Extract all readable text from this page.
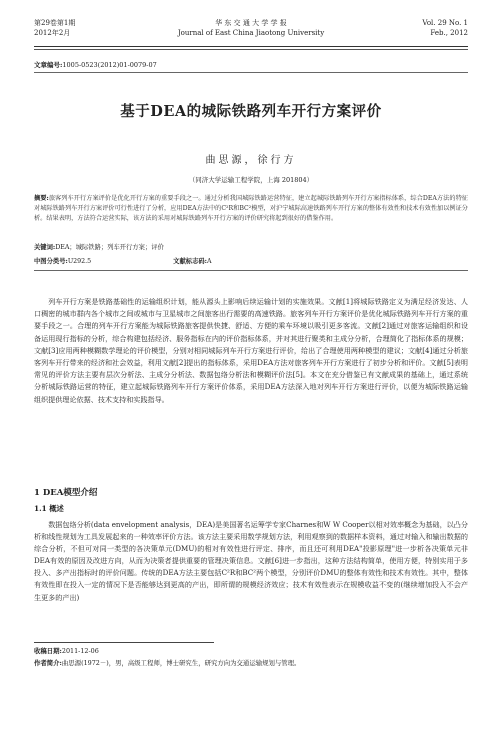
第29卷第1期
2012年2月
华 东 交 通 大 学 学 报
Journal of East China Jiaotong University
Vol. 29 No. 1
Feb., 2012
文章编号:1005-0523(2012)01-0079-07
基于DEA的城际铁路列车开行方案评价
曲思源，徐行方
（同济大学运输工程学院，上海 201804）
摘要:旅客列车开行方案评价是优化开行方案的重要手段之一。通过分析我国城际铁路运营特征，建立起城际铁路列车开行方案指标体系，综合DEA方法的特征对城际铁路列车开行方案评价可行性进行了分析，应用DEA方法中的C²R和BC²模型，对沪宁城际高速铁路列车开行方案的整体有效性和技术有效性加以例证分析。结果表明，方法符合运营实际，该方法的采用对城际铁路列车开行方案的评价研究将起到很好的借鉴作用。
关键词:DEA；城际铁路；列车开行方案；评价
中图分类号:U292.5	文献标志码:A
列车开行方案是铁路基础性的运输组织计划，能从源头上影响后续运输计划的实施效果。文献[1]将城际铁路定义为满足经济发达、人口稠密的城市群内各个城市之间或城市与卫星城市之间旅客出行需要的高速铁路。旅客列车开行方案评价是优化城际铁路列车开行方案的重要手段之一。合理的列车开行方案能为城际铁路旅客提供快捷、舒适、方便的乘车环境以吸引更多客流。文献[2]通过对旅客运输组织和设备运用现行指标的分析，综合构建包括经济、服务指标在内的评价指标体系，并对其进行聚类和主成分分析，合理简化了指标体系的规模；文献[3]应用两种模糊数学理论的评价模型，分别对相同城际列车开行方案进行评价，给出了合理使用两种模型的建议；文献[4]通过分析旅客列车开行带来的经济和社会效益，利用文献[2]提出的指标体系，采用DEA方法对旅客列车开行方案进行了初步分析和评价。文献[5]表明常见的评价方法主要有层次分析法、主成分分析法、数据包络分析法和模糊评价法[5]。本文在充分借鉴已有文献成果的基础上，通过系统分析城际铁路运营的特征，建立起城际铁路列车开行方案评价体系，采用DEA方法深入地对列车开行方案进行评价，以便为城际铁路运输组织提供理论依据、技术支持和实践指导。
1 DEA模型介绍
1.1 概述
数据包络分析(data envelopment analysis，DEA)是美国著名运筹学专家Charnes和W W Cooper以相对效率概念为基础，以凸分析和线性规划为工具发展起来的一种效率评价方法。该方法主要采用数学规划方法，利用观察到的数据样本资料，通过对输入和输出数据的综合分析，不但可对同一类型的各决策单元(DMU)的相对有效性进行评定、排序，而且还可利用DEA"投影原理"进一步析各决策单元非DEA有效的原因及改进方向，从而为决策者提供重要的管理决策信息。文献[6]进一步指出，这种方法结构简单，使用方便，特别实用于多投入、多产出指标时的评价问题。传统的DEA方法主要包括C²R和BC²两个模型，分别评价DMU的整体有效性和技术有效性。其中，整体有效性即在投入一定的情况下是否能够达到更高的产出，即所谓的规模经济效应；技术有效性表示在规模收益不变的(继续增加投入不会产生更多的产出)
收稿日期:2011-12-06
作者简介:曲思源(1972－)，男，高级工程师，博士研究生，研究方向为交通运输规划与管理。
